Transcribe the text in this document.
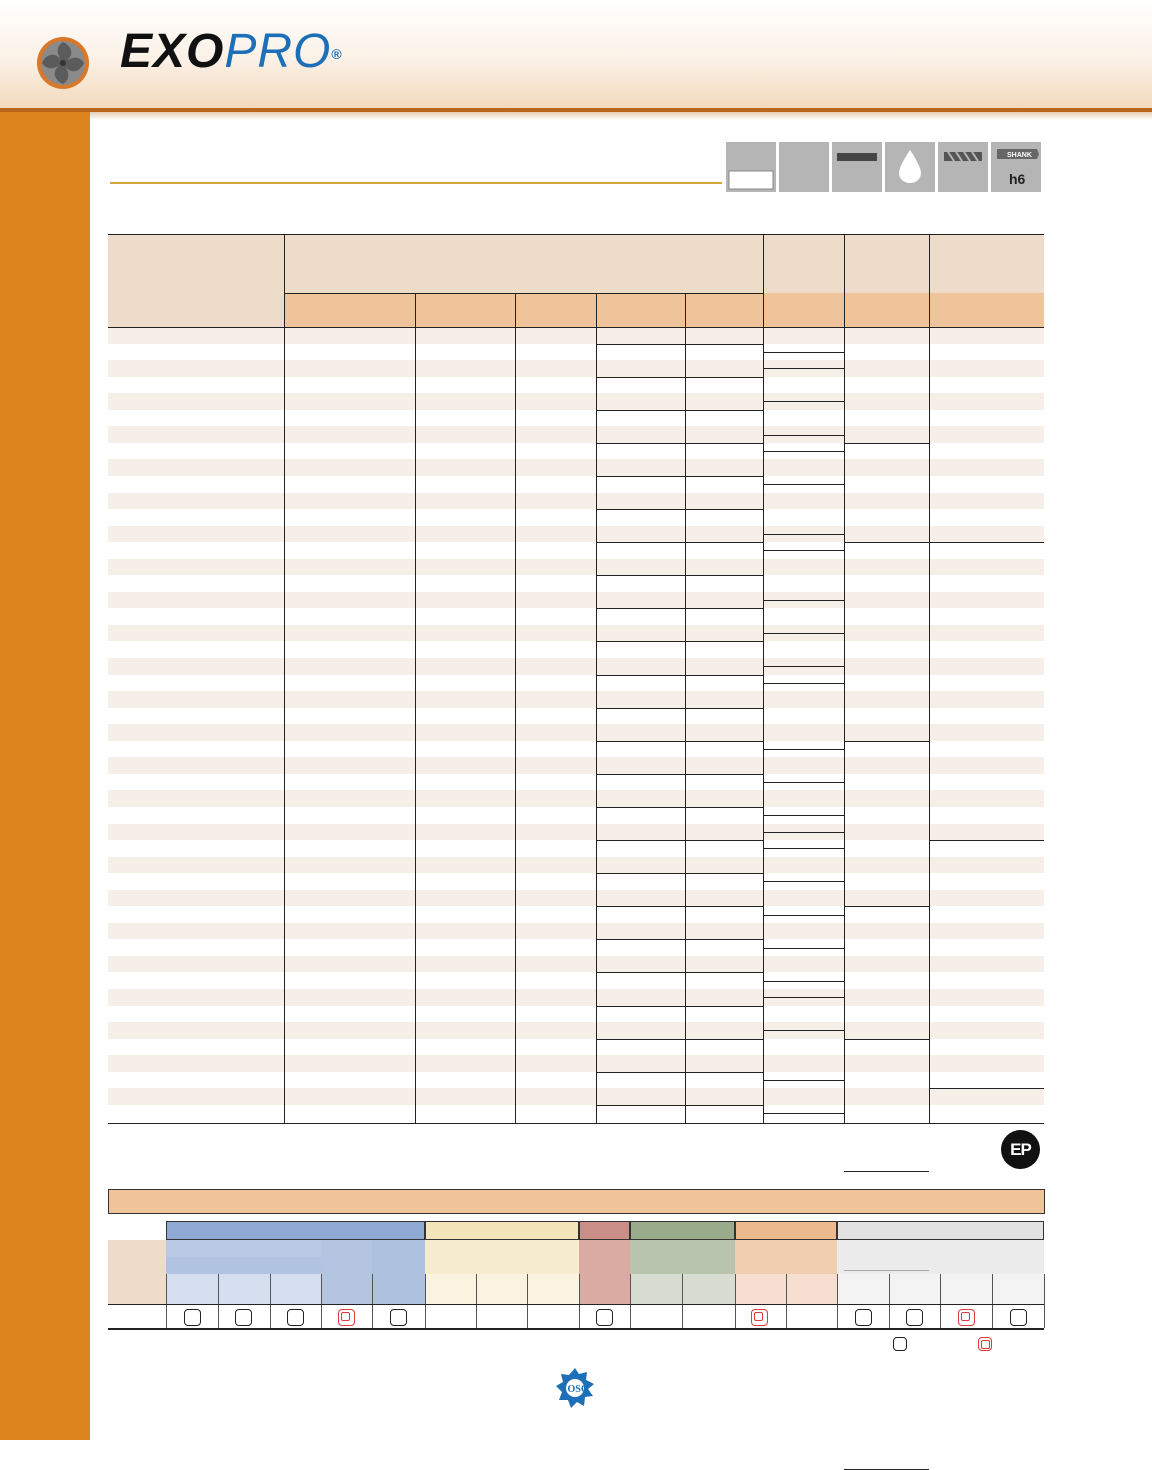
EXOPRO®
SHANK
h6
EP
OSG
